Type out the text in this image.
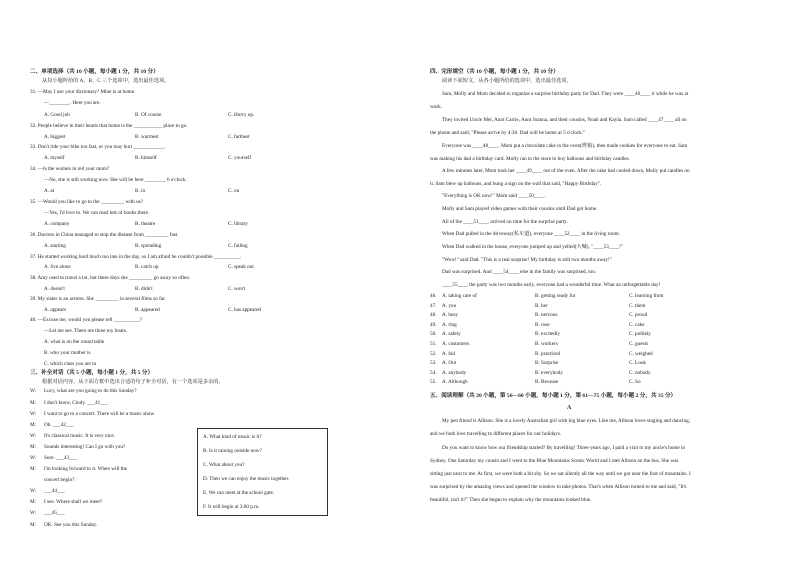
二、单项选择（共 10 小题，每小题 1 分，共 10 分）
从每小题所给的 A、B、C 三个选项中，选出最佳选项。
31. —May I use your dictionary? Mine is at home.
—________. Here you are.
A. Good job	B. Of course.	C. Hurry up.
32. People believe in their hearts that home is the ___________ place to go.
A. biggest	B. warmest	C. farthest
33. Don't ride your bike too fast, or you may hurt ____________.
A. myself	B. himself	C. yourself
34. —Is the women in red your mum?
—No, she is still working now. She will be here ________ 6 o'clock.
A. at	B. in	C. on
35. —Would you like to go to the _________ with us?
—Yes, I'd love to. We can read lots of books there.
A. company	B. theatre	C. library
36. Doctors in China managed to stop the disease from _________ fast.
A. starting	B. spreading	C. falling
37. He started working hard much too late in the day, so I am afraid he couldn't possible __________.
A. live alone	B. catch up	C. speak out
38. Amy used to travel a lot, but these days she _________ go away so often.
A. doesn't	B. didn't	C. won't
39. My sister is an actress. She _________ in several films so far.
A. appears	B. appeared	C. has appeared
40. —Excuse me, would you please tell __________?
—Let me see. There are three toy boats.
A. what is on the round table
B. who your mother is
C. which class you are in
三、补全对话（共 5 小题，每小题 1 分，共 5 分）
根据对话内容，从下面方框中选出合适的句子补全对话，有一个选项是多余的。
W: Lucy, what are you going to do this Sunday?
M: I don't know, Cindy. ___41___
W: I want to go to a concert. There will be a music show.
M: Oh. ___42___
W: It's classical music. It is very nice.
M: Sounds interesting! Can I go with you?
W: Sure. ___43___
M: I'm looking forward to it. When will the
concert begin?
W: ___44___
M: I see. Where shall we meet?
W: ___45___
M: OK. See you this Sunday.
A. What kind of music is it?
B. Is it raining outside now?
C. What about you?
D. Then we can enjoy the music together.
E. We can meet at the school gate.
F. It will begin at 3:00 p.m.
四、完形填空（共 10 小题，每小题 1 分，共 10 分）
阅读下面短文，从各小题所给的选项中，选出最佳选项。
Sam, Molly and Mom decided to organize a surprise birthday party for Dad. They were ____46____ it while he was at
work.
They invited Uncle Mel, Aunt Carrie, Aunt Joanna, and their cousins, Noah and Kayla. Sam called ____47____ all on
the phone and said, "Please arrive by 4:30. Dad will be home at 5 o'clock."
Everyone was ____48____. Mom put a chocolate cake in the oven(烤箱), then made cookies for everyone to eat. Sam
was making his dad a birthday card. Molly ran to the store to buy balloons and birthday candles.
A few minutes later, Mom took her ____49____ out of the oven. After the cake had cooled down, Molly put candles on
it. Sam blew up balloons, and hung a sign on the wall that said, "Happy Birthday".
"Everything is OK now!" Mom said ____50____.
Molly and Sam played video games with their cousins until Dad got home.
All of the ____51____ arrived on time for the surprise party.
When Dad pulled in the driveway(私车道), everyone ____52____ in the living room.
When Dad walked in the house, everyone jumped up and yelled(大喊), "____53____!"
"Wow!" said Dad. "This is a real surprise! My birthday is still two months away!"
Dad was surprised. And ____54____ else in the family was surprised, too.
____55____ the party was two months early, everyone had a wonderful time. What an unforgettable day!
46. A. taking care of	B. getting ready for	C. learning from
47. A. you	B. her	C. them
48. A. busy	B. nervous	C. proud
49. A. ring	B. rose	C. cake
50. A. safely	B. excitedly	C. politely
51. A. customers	B. workers	C. guests
52. A. hid	B. practiced	C. weighed
53. A. Out	B. Surprise	C. Look
54. A. anybody	B. everybody	C. nobody
55. A. Although	B. Because	C. So
五、阅读理解（共 20 小题，第 56—60 小题，每小题 1 分，第 61—75 小题，每小题 2 分，共 35 分）
A
My pen friend is Allison. She is a lovely Australian girl with big blue eyes. Like me, Allison loves singing and dancing,
and we both love travelling to different places for our holidays.
Do you want to know how our friendship started? By travelling! Three years ago, I paid a visit to my uncle's home in
Sydney. One Saturday my cousin and I went to the Blue Mountains Scenic World and I met Allison on the bus. She was
sitting just next to me. At first, we were both a bit shy. So we sat silently all the way until we got near the foot of mountains. I
was surprised by the amazing views and opened the window to take photos. That's when Allison turned to me and said, "It's
beautiful, isn't it?" Then she began to explain why the mountains looked blue.
